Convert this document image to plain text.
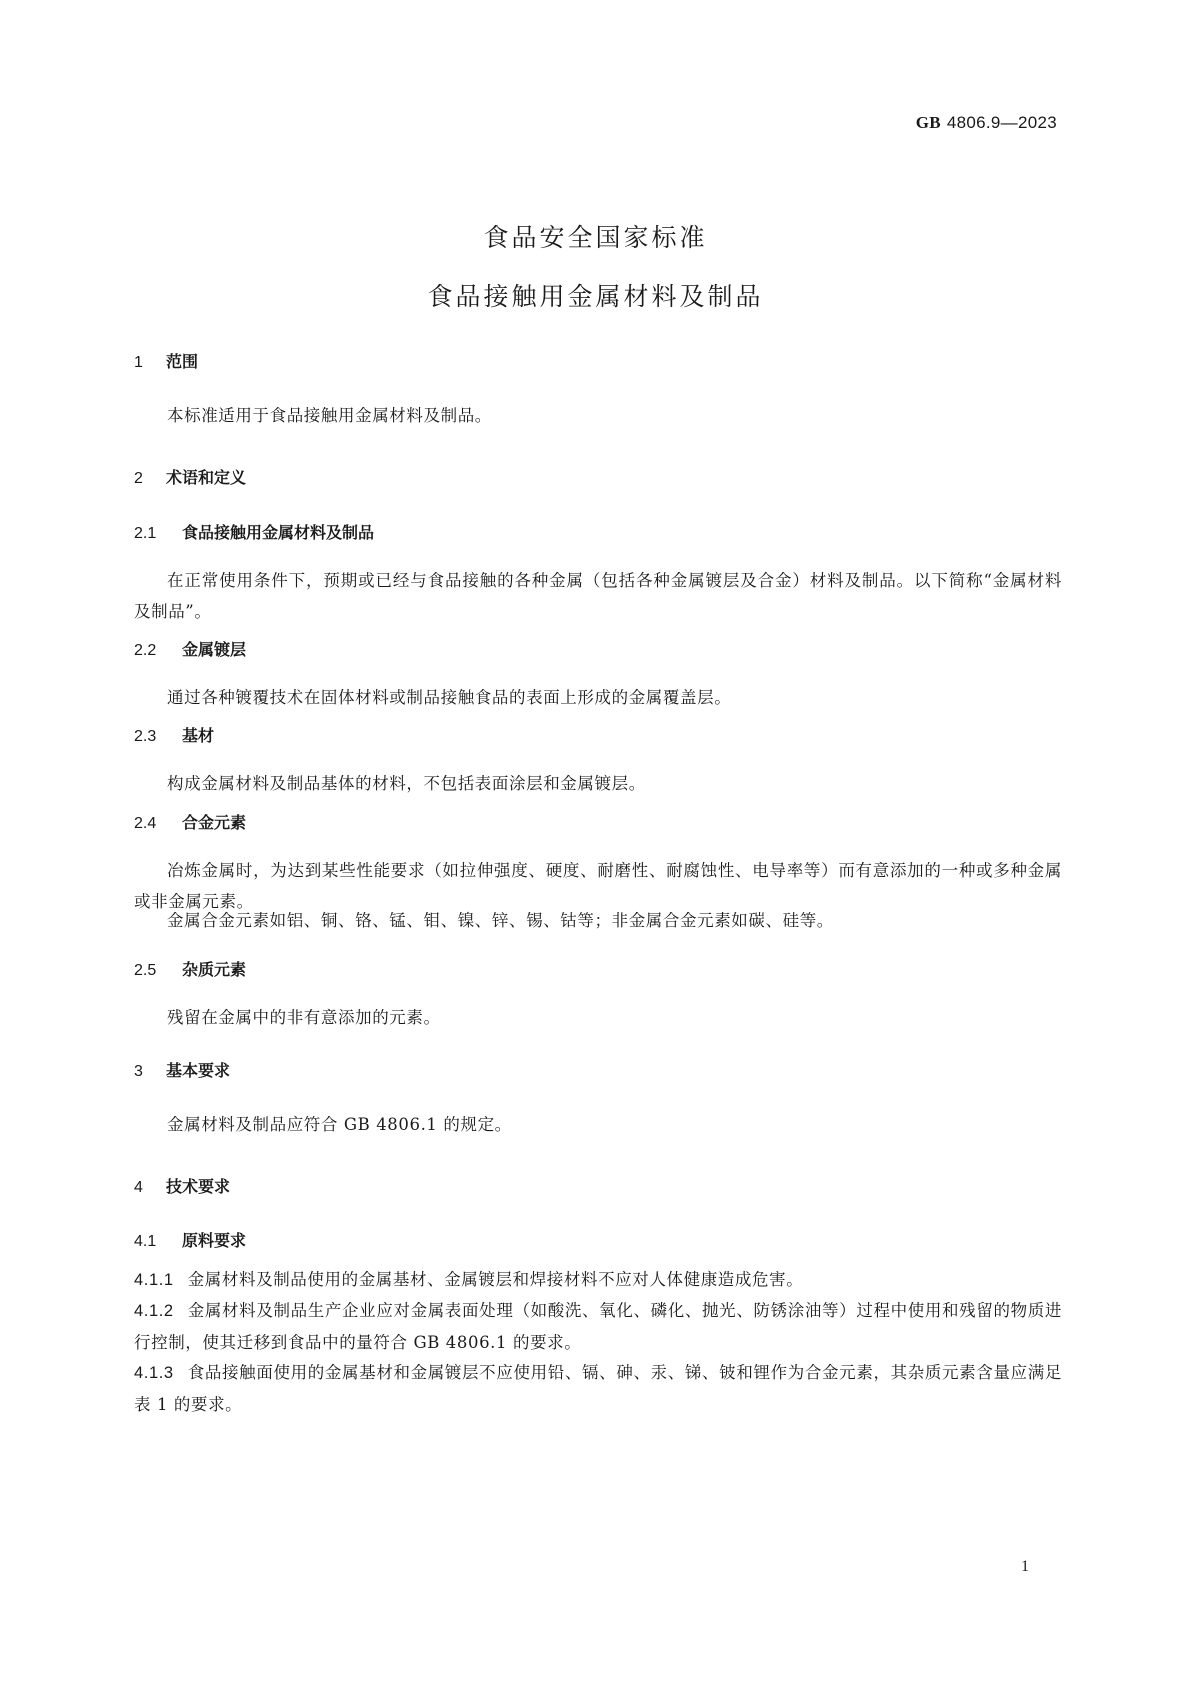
GB 4806.9—2023
食品安全国家标准
食品接触用金属材料及制品
1 范围
本标准适用于食品接触用金属材料及制品。
2 术语和定义
2.1 食品接触用金属材料及制品
在正常使用条件下，预期或已经与食品接触的各种金属（包括各种金属镀层及合金）材料及制品。以下简称“金属材料及制品”。
2.2 金属镀层
通过各种镀覆技术在固体材料或制品接触食品的表面上形成的金属覆盖层。
2.3 基材
构成金属材料及制品基体的材料，不包括表面涂层和金属镀层。
2.4 合金元素
冶炼金属时，为达到某些性能要求（如拉伸强度、硬度、耐磨性、耐腐蚀性、电导率等）而有意添加的一种或多种金属或非金属元素。
金属合金元素如铝、铜、铬、锰、钼、镍、锌、锡、钴等；非金属合金元素如碳、硅等。
2.5 杂质元素
残留在金属中的非有意添加的元素。
3 基本要求
金属材料及制品应符合 GB 4806.1 的规定。
4 技术要求
4.1 原料要求
4.1.1 金属材料及制品使用的金属基材、金属镀层和焊接材料不应对人体健康造成危害。
4.1.2 金属材料及制品生产企业应对金属表面处理（如酸洗、氧化、磷化、抛光、防锈涂油等）过程中使用和残留的物质进行控制，使其迁移到食品中的量符合 GB 4806.1 的要求。
4.1.3 食品接触面使用的金属基材和金属镀层不应使用铅、镉、砷、汞、锑、铍和锂作为合金元素，其杂质元素含量应满足表 1 的要求。
1
